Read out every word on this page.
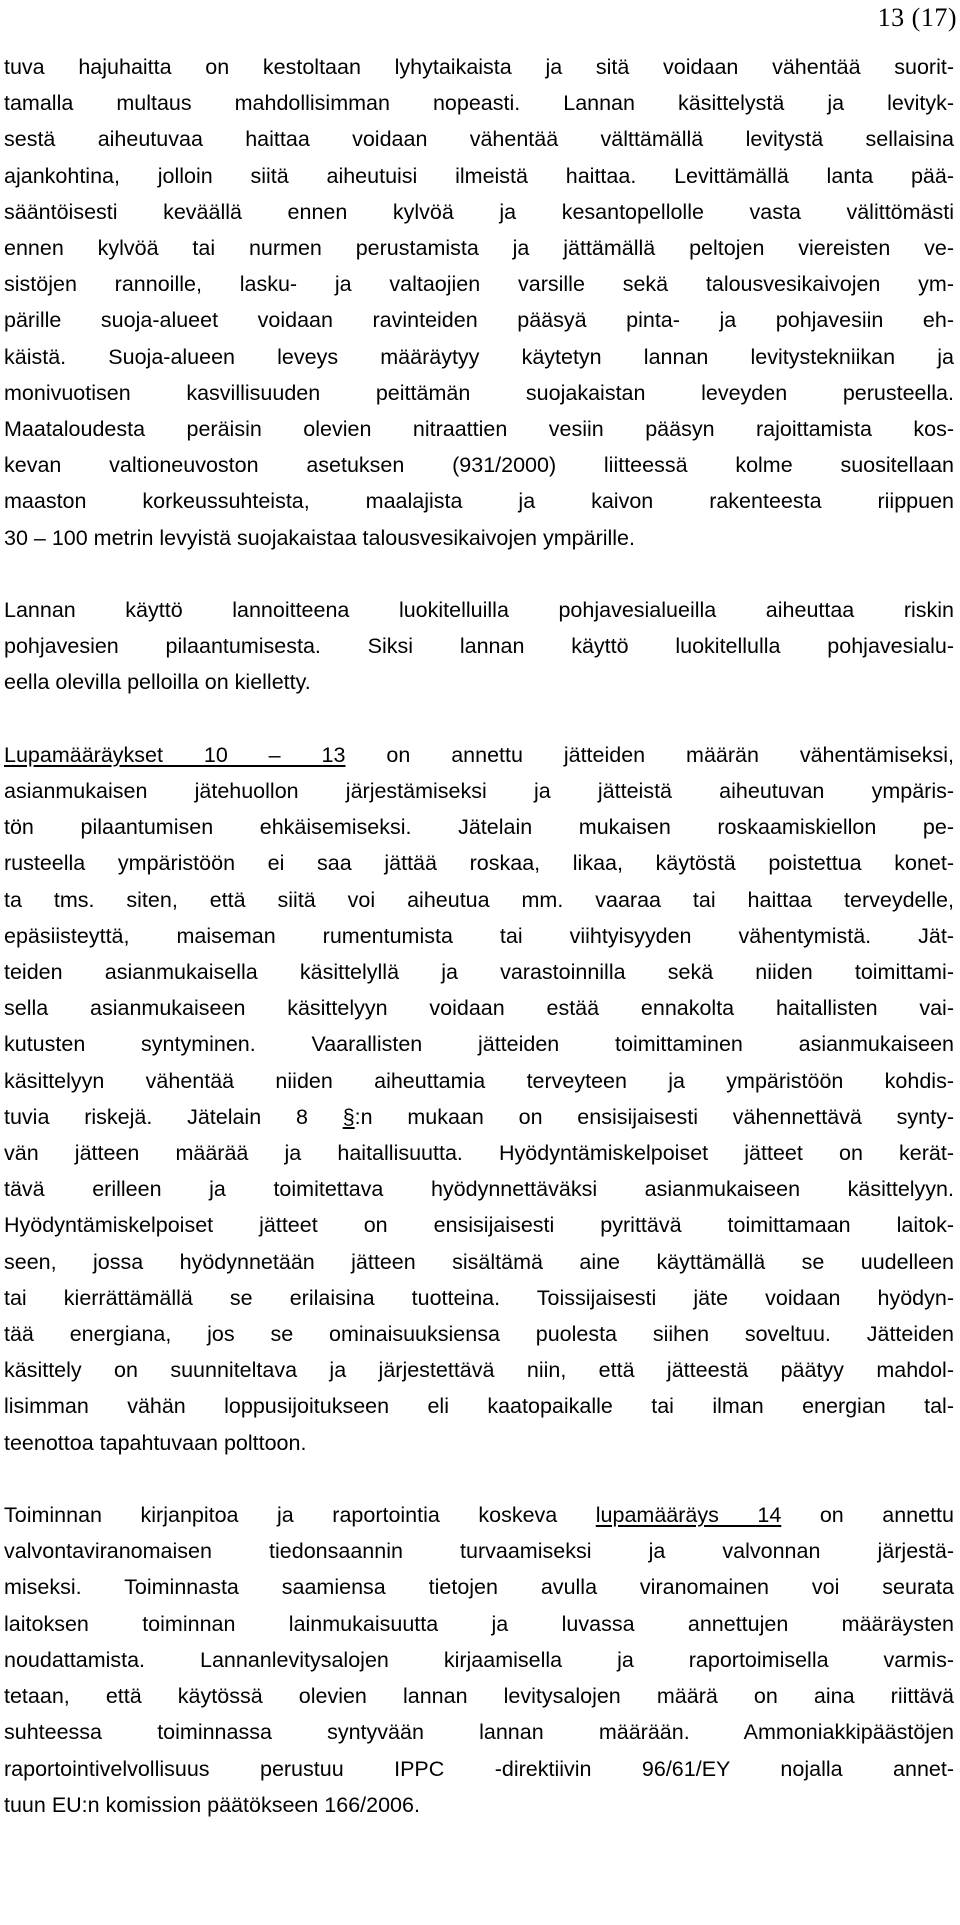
13 (17)

tuva hajuhaitta on kestoltaan lyhytaikaista ja sitä voidaan vähentää suorit-
tamalla multaus mahdollisimman nopeasti. Lannan käsittelystä ja levityk-
sestä aiheutuvaa haittaa voidaan vähentää välttämällä levitystä sellaisina
ajankohtina, jolloin siitä aiheutuisi ilmeistä haittaa. Levittämällä lanta pää-
sääntöisesti keväällä ennen kylvöä ja kesantopellolle vasta välittömästi
ennen kylvöä tai nurmen perustamista ja jättämällä peltojen viereisten ve-
sistöjen rannoille, lasku- ja valtaojien varsille sekä talousvesikaivojen ym-
pärille suoja-alueet voidaan ravinteiden pääsyä pinta- ja pohjavesiin eh-
käistä. Suoja-alueen leveys määräytyy käytetyn lannan levitystekniikan ja
monivuotisen kasvillisuuden peittämän suojakaistan leveyden perusteella.
Maataloudesta peräisin olevien nitraattien vesiin pääsyn rajoittamista kos-
kevan valtioneuvoston asetuksen (931/2000) liitteessä kolme suositellaan
maaston korkeussuhteista, maalajista ja kaivon rakenteesta riippuen
30 – 100 metrin levyistä suojakaistaa talousvesikaivojen ympärille.

Lannan käyttö lannoitteena luokitelluilla pohjavesialueilla aiheuttaa riskin
pohjavesien pilaantumisesta. Siksi lannan käyttö luokitellulla pohjavesialu-
eella olevilla pelloilla on kielletty.

Lupamääräykset 10 – 13 on annettu jätteiden määrän vähentämiseksi,
asianmukaisen jätehuollon järjestämiseksi ja jätteistä aiheutuvan ympäris-
tön pilaantumisen ehkäisemiseksi. Jätelain mukaisen roskaamiskiellon pe-
rusteella ympäristöön ei saa jättää roskaa, likaa, käytöstä poistettua konet-
ta tms. siten, että siitä voi aiheutua mm. vaaraa tai haittaa terveydelle,
epäsiisteyttä, maiseman rumentumista tai viihtyisyyden vähentymistä. Jät-
teiden asianmukaisella käsittelyllä ja varastoinnilla sekä niiden toimittami-
sella asianmukaiseen käsittelyyn voidaan estää ennakolta haitallisten vai-
kutusten syntyminen. Vaarallisten jätteiden toimittaminen asianmukaiseen
käsittelyyn vähentää niiden aiheuttamia terveyteen ja ympäristöön kohdis-
tuvia riskejä. Jätelain 8 §:n mukaan on ensisijaisesti vähennettävä synty-
vän jätteen määrää ja haitallisuutta. Hyödyntämiskelpoiset jätteet on kerät-
tävä erilleen ja toimitettava hyödynnettäväksi asianmukaiseen käsittelyyn.
Hyödyntämiskelpoiset jätteet on ensisijaisesti pyrittävä toimittamaan laitok-
seen, jossa hyödynnetään jätteen sisältämä aine käyttämällä se uudelleen
tai kierrättämällä se erilaisina tuotteina. Toissijaisesti jäte voidaan hyödyn-
tää energiana, jos se ominaisuuksiensa puolesta siihen soveltuu. Jätteiden
käsittely on suunniteltava ja järjestettävä niin, että jätteestä päätyy mahdol-
lisimman vähän loppusijoitukseen eli kaatopaikalle tai ilman energian tal-
teenottoa tapahtuvaan polttoon.

Toiminnan kirjanpitoa ja raportointia koskeva lupamääräys 14 on annettu
valvontaviranomaisen tiedonsaannin turvaamiseksi ja valvonnan järjestä-
miseksi. Toiminnasta saamiensa tietojen avulla viranomainen voi seurata
laitoksen toiminnan lainmukaisuutta ja luvassa annettujen määräysten
noudattamista. Lannanlevitysalojen kirjaamisella ja raportoimisella varmis-
tetaan, että käytössä olevien lannan levitysalojen määrä on aina riittävä
suhteessa toiminnassa syntyvään lannan määrään. Ammoniakkipäästöjen
raportointivelvollisuus perustuu IPPC -direktiivin 96/61/EY nojalla annet-
tuun EU:n komission päätökseen 166/2006.
